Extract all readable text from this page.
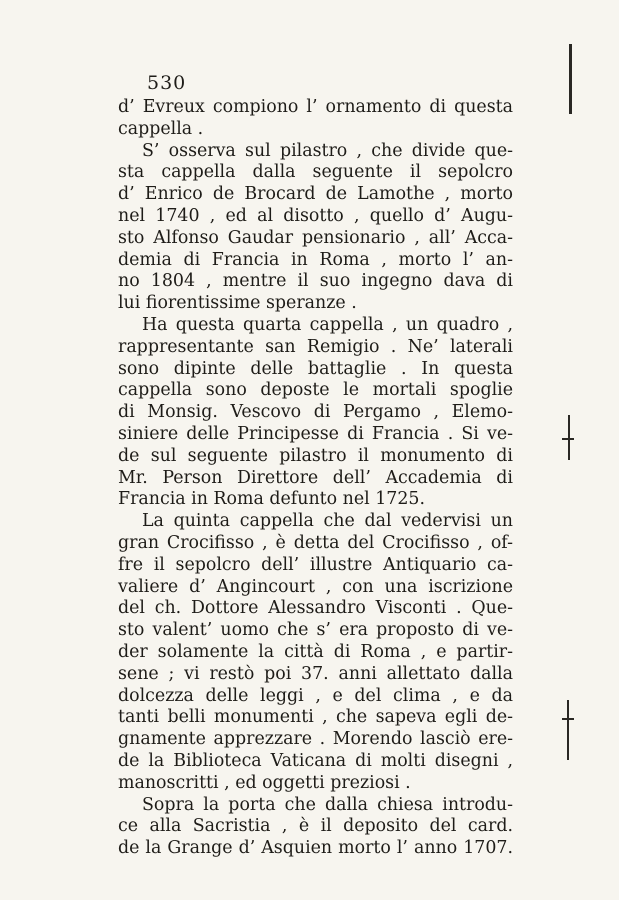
530
d’ Evreux compiono l’ ornamento di questa
cappella .
S’ osserva sul pilastro , che divide que-
sta cappella dalla seguente il sepolcro
d’ Enrico de Brocard de Lamothe , morto
nel 1740 , ed al disotto , quello d’ Augu-
sto Alfonso Gaudar pensionario , all’ Acca-
demia di Francia in Roma , morto l’ an-
no 1804 , mentre il suo ingegno dava di
lui fiorentissime speranze .
Ha questa quarta cappella , un quadro ,
rappresentante san Remigio . Ne’ laterali
sono dipinte delle battaglie . In questa
cappella sono deposte le mortali spoglie
di Monsig. Vescovo di Pergamo , Elemo-
siniere delle Principesse di Francia . Si ve-
de sul seguente pilastro il monumento di
Mr. Person Direttore dell’ Accademia di
Francia in Roma defunto nel 1725.
La quinta cappella che dal vedervisi un
gran Crocifisso , è detta del Crocifisso , of-
fre il sepolcro dell’ illustre Antiquario ca-
valiere d’ Angincourt , con una iscrizione
del ch. Dottore Alessandro Visconti . Que-
sto valent’ uomo che s’ era proposto di ve-
der solamente la città di Roma , e partir-
sene ; vi restò poi 37. anni allettato dalla
dolcezza delle leggi , e del clima , e da
tanti belli monumenti , che sapeva egli de-
gnamente apprezzare . Morendo lasciò ere-
de la Biblioteca Vaticana di molti disegni ,
manoscritti , ed oggetti preziosi .
Sopra la porta che dalla chiesa introdu-
ce alla Sacristia , è il deposito del card.
de la Grange d’ Asquien morto l’ anno 1707.
